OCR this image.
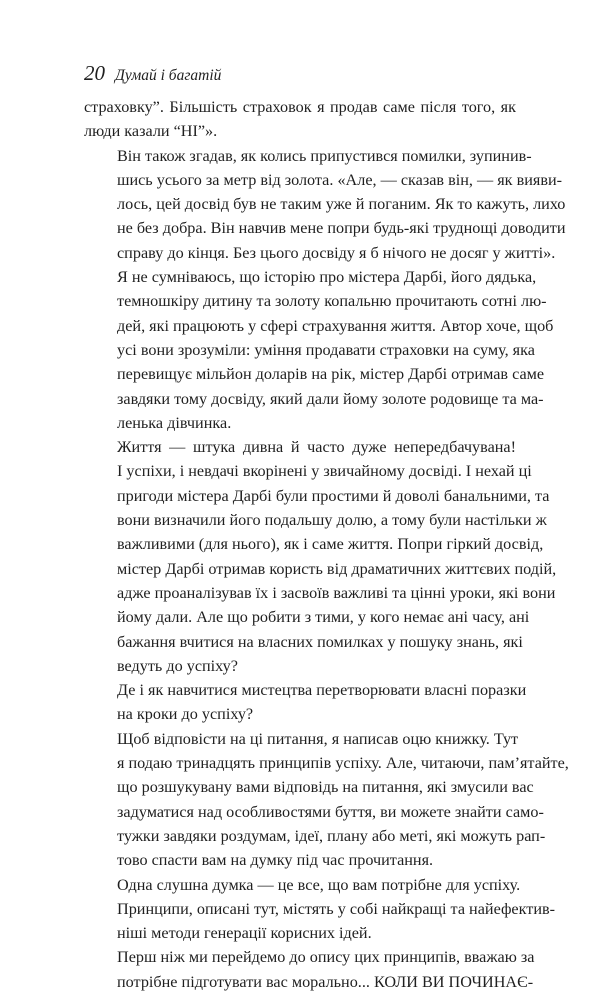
20 Думай і багатій

страховку”. Більшість страховок я продав саме після того, як
люди казали “НІ”».

Він також згадав, як колись припустився помилки, зупинив-
шись усього за метр від золота. «Але, — сказав він, — як вияви-
лось, цей досвід був не таким уже й поганим. Як то кажуть, лихо
не без добра. Він навчив мене попри будь-які труднощі доводити
справу до кінця. Без цього досвіду я б нічого не досяг у житті».

Я не сумніваюсь, що історію про містера Дарбі, його дядька,
темношкіру дитину та золоту копальню прочитають сотні лю-
дей, які працюють у сфері страхування життя. Автор хоче, щоб
усі вони зрозуміли: уміння продавати страховки на суму, яка
перевищує мільйон доларів на рік, містер Дарбі отримав саме
завдяки тому досвіду, який дали йому золоте родовище та ма-
ленька дівчинка.

Життя — штука дивна й часто дуже непередбачувана!
І успіхи, і невдачі вкорінені у звичайному досвіді. І нехай ці
пригоди містера Дарбі були простими й доволі банальними, та
вони визначили його подальшу долю, а тому були настільки ж
важливими (для нього), як і саме життя. Попри гіркий досвід,
містер Дарбі отримав користь від драматичних життєвих подій,
адже проаналізував їх і засвоїв важливі та цінні уроки, які вони
йому дали. Але що робити з тими, у кого немає ані часу, ані
бажання вчитися на власних помилках у пошуку знань, які
ведуть до успіху?

Де і як навчитися мистецтва перетворювати власні поразки
на кроки до успіху?

Щоб відповісти на ці питання, я написав оцю книжку. Тут
я подаю тринадцять принципів успіху. Але, читаючи, пам’ятайте,
що розшукувану вами відповідь на питання, які змусили вас
задуматися над особливостями буття, ви можете знайти само-
тужки завдяки роздумам, ідеї, плану або меті, які можуть рап-
тово спасти вам на думку під час прочитання.

Одна слушна думка — це все, що вам потрібне для успіху.
Принципи, описані тут, містять у собі найкращі та найефектив-
ніші методи генерації корисних ідей.

Перш ніж ми перейдемо до опису цих принципів, вважаю за
потрібне підготувати вас морально... КОЛИ ВИ ПОЧИНАЄ-
